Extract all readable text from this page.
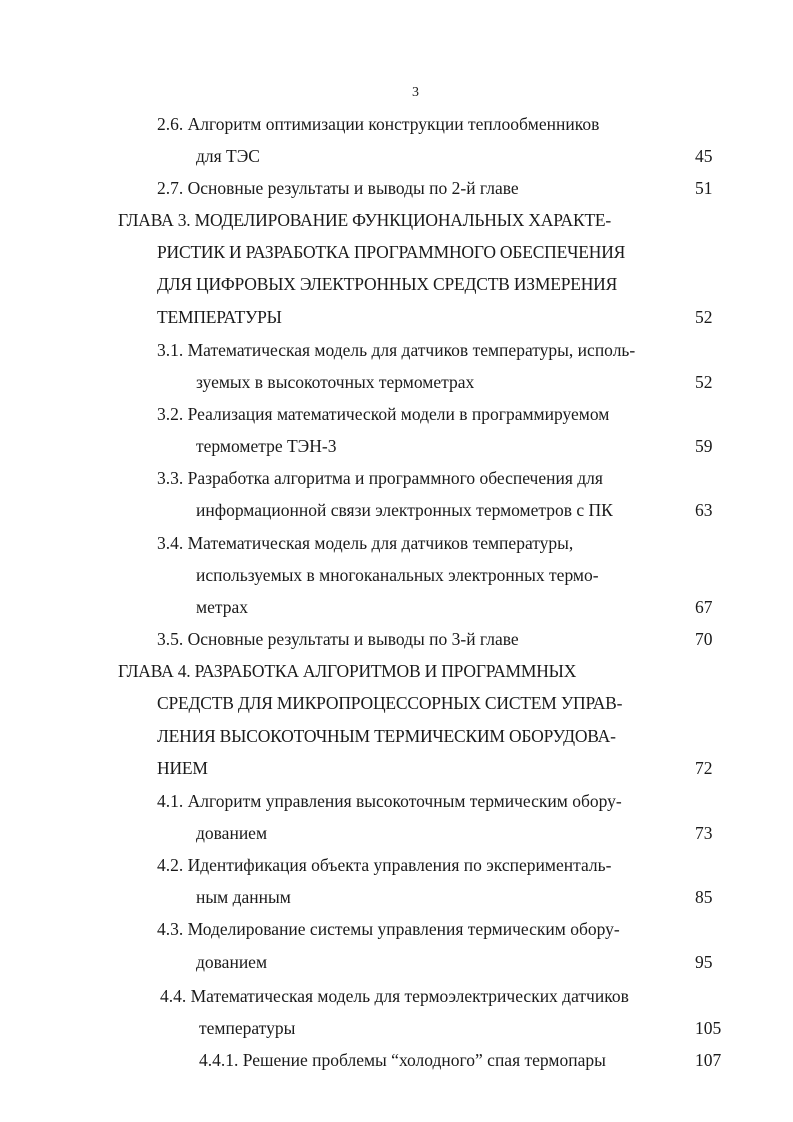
3
2.6. Алгоритм оптимизации конструкции теплообменников
для ТЭС
2.7. Основные результаты и выводы по 2-й главе
ГЛАВА 3. МОДЕЛИРОВАНИЕ ФУНКЦИОНАЛЬНЫХ ХАРАКТЕ-
РИСТИК И РАЗРАБОТКА ПРОГРАММНОГО ОБЕСПЕЧЕНИЯ
ДЛЯ ЦИФРОВЫХ ЭЛЕКТРОННЫХ СРЕДСТВ ИЗМЕРЕНИЯ
ТЕМПЕРАТУРЫ
3.1. Математическая модель для датчиков температуры, исполь-
зуемых в высокоточных термометрах
3.2. Реализация математической модели в программируемом
термометре ТЭН-3
3.3. Разработка алгоритма и программного обеспечения для
информационной связи электронных термометров с ПК
3.4. Математическая модель для датчиков температуры,
используемых в многоканальных электронных термо-
метрах
3.5. Основные результаты и выводы по 3-й главе
ГЛАВА 4. РАЗРАБОТКА АЛГОРИТМОВ И ПРОГРАММНЫХ
СРЕДСТВ ДЛЯ МИКРОПРОЦЕССОРНЫХ СИСТЕМ УПРАВ-
ЛЕНИЯ ВЫСОКОТОЧНЫМ ТЕРМИЧЕСКИМ ОБОРУДОВА-
НИЕМ
4.1. Алгоритм управления высокоточным термическим обору-
дованием
4.2. Идентификация объекта управления по эксперименталь-
ным данным
4.3. Моделирование системы управления термическим обору-
дованием
4.4. Математическая модель для термоэлектрических датчиков
температуры
4.4.1. Решение проблемы “холодного” спая термопары
45
51
52
52
59
63
67
70
72
73
85
95
105
107
